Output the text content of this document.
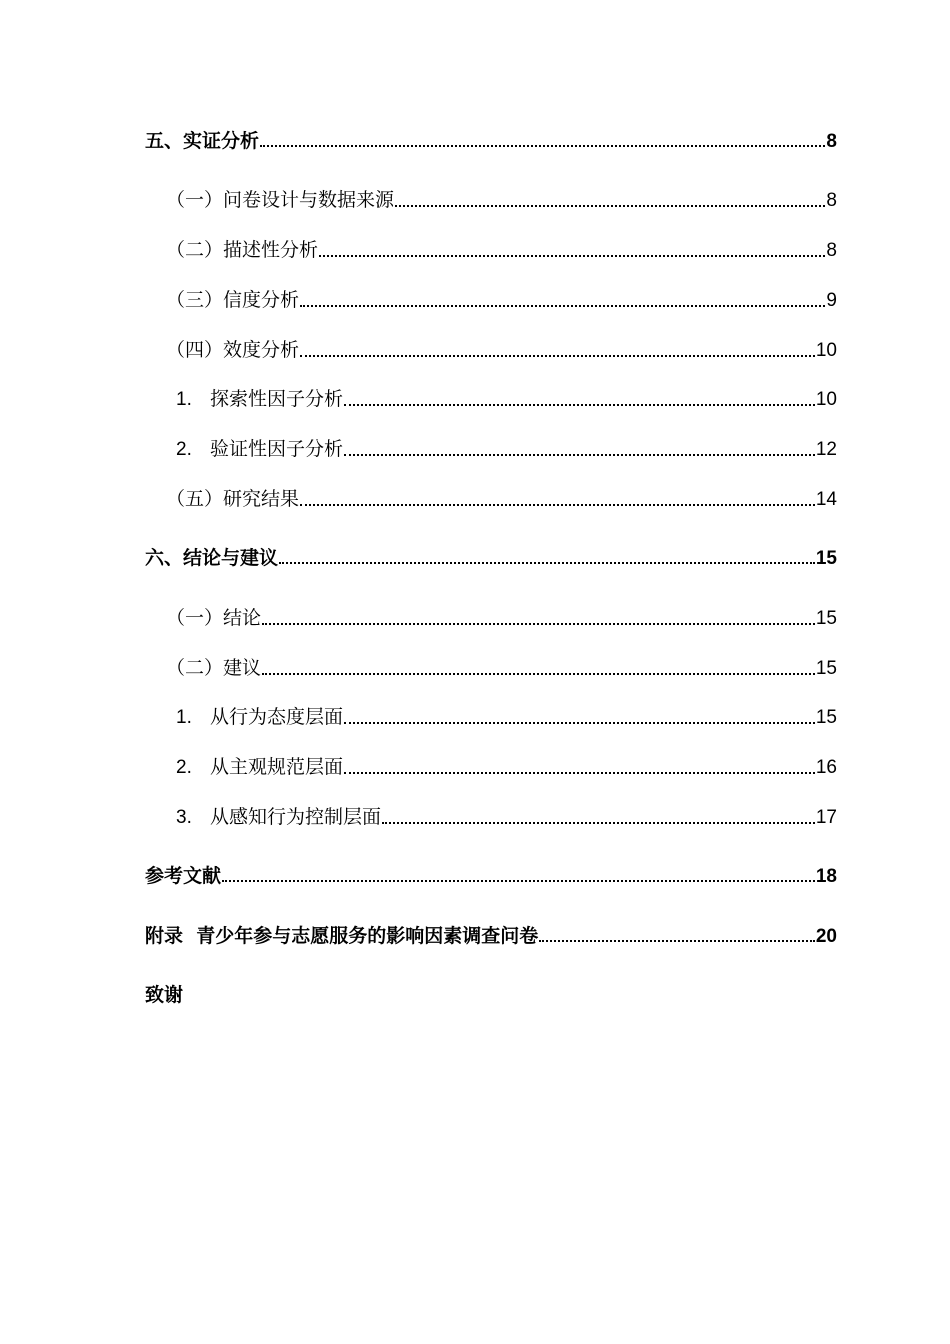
五、实证分析	8
（一）问卷设计与数据来源	8
（二）描述性分析	8
（三）信度分析	9
（四）效度分析	10
1. 探索性因子分析	10
2. 验证性因子分析	12
（五）研究结果	14
六、结论与建议	15
（一）结论	15
（二）建议	15
1. 从行为态度层面	15
2. 从主观规范层面	16
3. 从感知行为控制层面	17
参考文献	18
附录  青少年参与志愿服务的影响因素调查问卷	20
致谢
